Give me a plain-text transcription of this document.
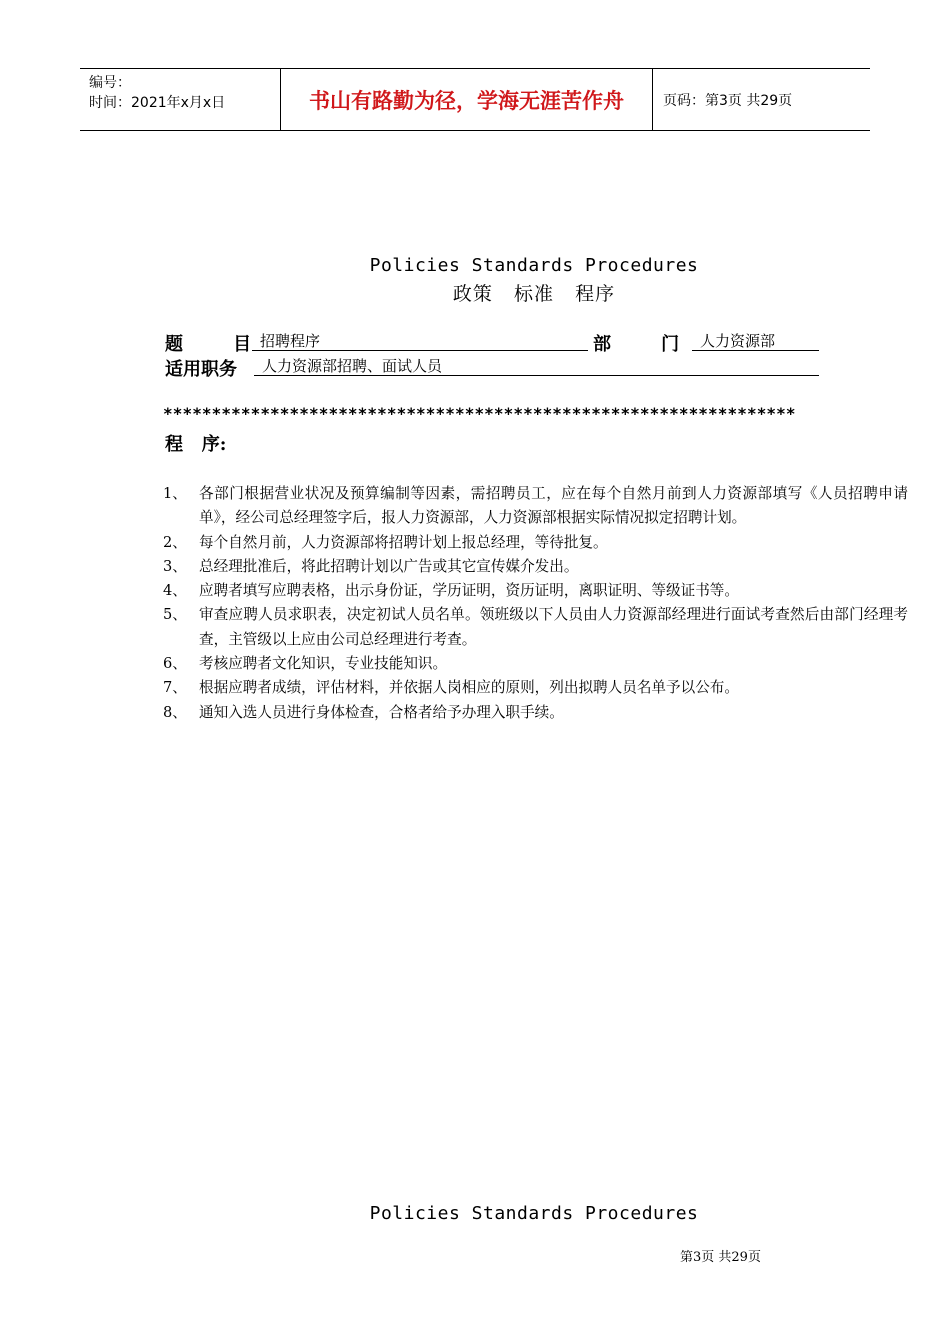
编号：
时间：2021年x月x日	书山有路勤为径，学海无涯苦作舟	页码：第3页 共29页
Policies Standards Procedures
政策   标准   程序
题        目 招聘程序	部        门	人力资源部
适用职务	人力资源部招聘、面试人员
*****************************************************************
程   序:
1、 各部门根据营业状况及预算编制等因素，需招聘员工，应在每个自然月前到人力资源部填写《人员招聘申请单》，经公司总经理签字后，报人力资源部，人力资源部根据实际情况拟定招聘计划。
2、 每个自然月前，人力资源部将招聘计划上报总经理，等待批复。
3、 总经理批准后，将此招聘计划以广告或其它宣传媒介发出。
4、 应聘者填写应聘表格，出示身份证，学历证明，资历证明，离职证明、等级证书等。
5、 审查应聘人员求职表，决定初试人员名单。领班级以下人员由人力资源部经理进行面试考查然后由部门经理考查，主管级以上应由公司总经理进行考查。
6、 考核应聘者文化知识，专业技能知识。
7、 根据应聘者成绩，评估材料，并依据人岗相应的原则，列出拟聘人员名单予以公布。
8、 通知入选人员进行身体检查，合格者给予办理入职手续。
Policies Standards Procedures
第3页 共29页
